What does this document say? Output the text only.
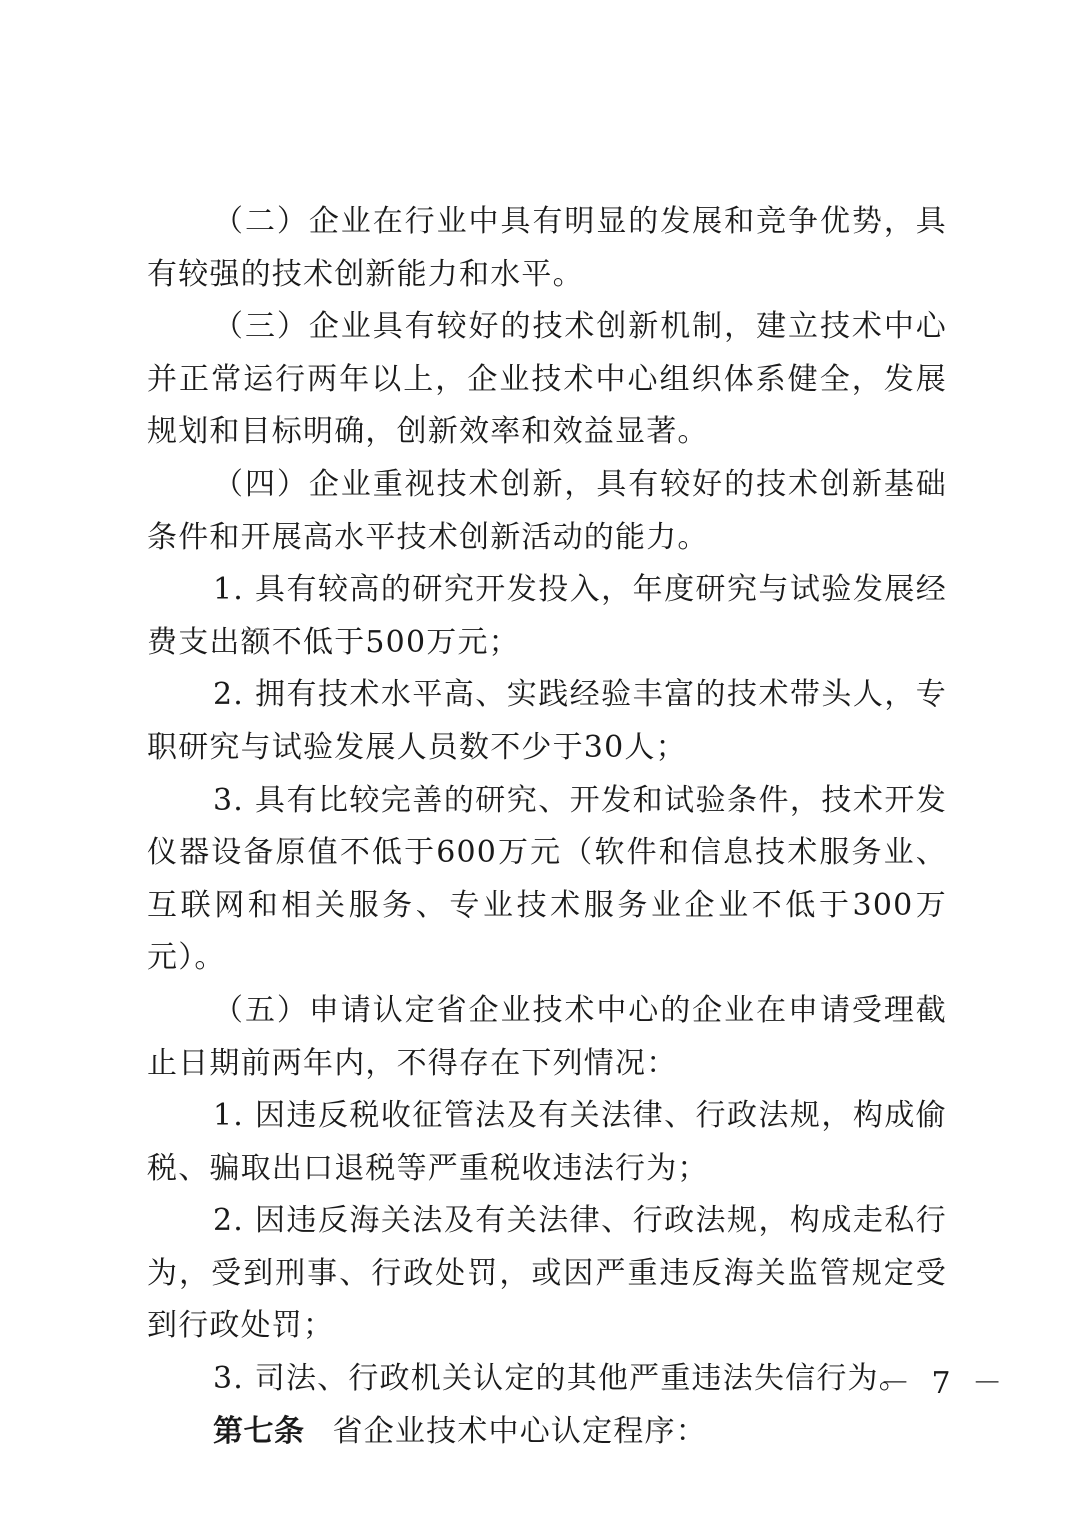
（二）企业在行业中具有明显的发展和竞争优势，具有较强的技术创新能力和水平。

（三）企业具有较好的技术创新机制，建立技术中心并正常运行两年以上，企业技术中心组织体系健全，发展规划和目标明确，创新效率和效益显著。

（四）企业重视技术创新，具有较好的技术创新基础条件和开展高水平技术创新活动的能力。

1. 具有较高的研究开发投入，年度研究与试验发展经费支出额不低于500万元；

2. 拥有技术水平高、实践经验丰富的技术带头人，专职研究与试验发展人员数不少于30人；

3. 具有比较完善的研究、开发和试验条件，技术开发仪器设备原值不低于600万元（软件和信息技术服务业、互联网和相关服务、专业技术服务业企业不低于300万元）。

（五）申请认定省企业技术中心的企业在申请受理截止日期前两年内，不得存在下列情况：

1. 因违反税收征管法及有关法律、行政法规，构成偷税、骗取出口退税等严重税收违法行为；

2. 因违反海关法及有关法律、行政法规，构成走私行为，受到刑事、行政处罚，或因严重违反海关监管规定受到行政处罚；

3. 司法、行政机关认定的其他严重违法失信行为。

第七条 省企业技术中心认定程序：

－ 7 －
